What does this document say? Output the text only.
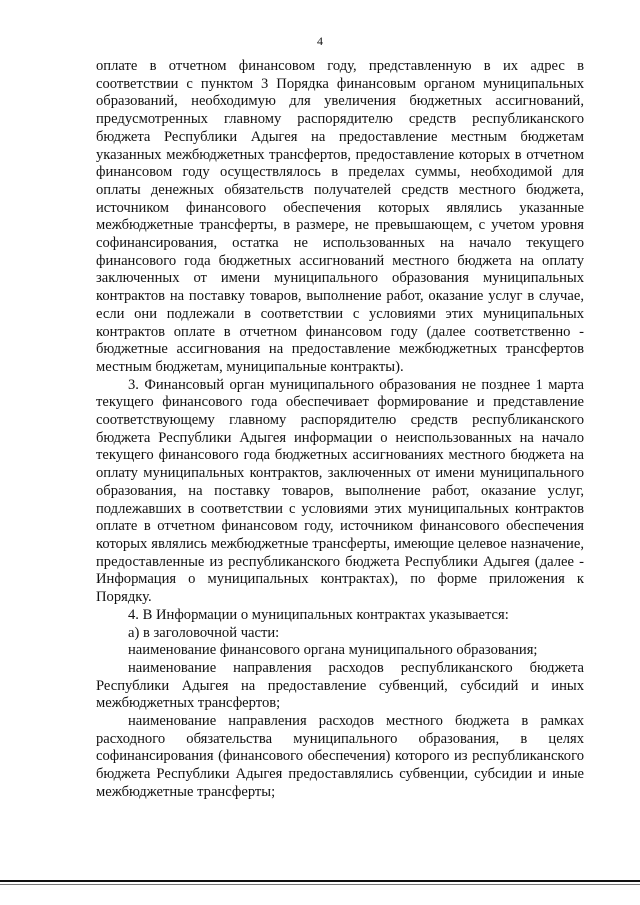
4

оплате в отчетном финансовом году, представленную в их адрес в соответствии с пунктом 3 Порядка финансовым органом муниципальных образований, необходимую для увеличения бюджетных ассигнований, предусмотренных главному распорядителю средств республиканского бюджета Республики Адыгея на предоставление местным бюджетам указанных межбюджетных трансфертов, предоставление которых в отчетном финансовом году осуществлялось в пределах суммы, необходимой для оплаты денежных обязательств получателей средств местного бюджета, источником финансового обеспечения которых являлись указанные межбюджетные трансферты, в размере, не превышающем, с учетом уровня софинансирования, остатка не использованных на начало текущего финансового года бюджетных ассигнований местного бюджета на оплату заключенных от имени муниципального образования муниципальных контрактов на поставку товаров, выполнение работ, оказание услуг в случае, если они подлежали в соответствии с условиями этих муниципальных контрактов оплате в отчетном финансовом году (далее соответственно - бюджетные ассигнования на предоставление межбюджетных трансфертов местным бюджетам, муниципальные контракты).

3. Финансовый орган муниципального образования не позднее 1 марта текущего финансового года обеспечивает формирование и представление соответствующему главному распорядителю средств республиканского бюджета Республики Адыгея информации о неиспользованных на начало текущего финансового года бюджетных ассигнованиях местного бюджета на оплату муниципальных контрактов, заключенных от имени муниципального образования, на поставку товаров, выполнение работ, оказание услуг, подлежавших в соответствии с условиями этих муниципальных контрактов оплате в отчетном финансовом году, источником финансового обеспечения которых являлись межбюджетные трансферты, имеющие целевое назначение, предоставленные из республиканского бюджета Республики Адыгея (далее - Информация о муниципальных контрактах), по форме приложения к Порядку.

4. В Информации о муниципальных контрактах указывается:

а) в заголовочной части:

наименование финансового органа муниципального образования;

наименование направления расходов республиканского бюджета Республики Адыгея на предоставление субвенций, субсидий и иных межбюджетных трансфертов;

наименование направления расходов местного бюджета в рамках расходного обязательства муниципального образования, в целях софинансирования (финансового обеспечения) которого из республиканского бюджета Республики Адыгея предоставлялись субвенции, субсидии и иные межбюджетные трансферты;
